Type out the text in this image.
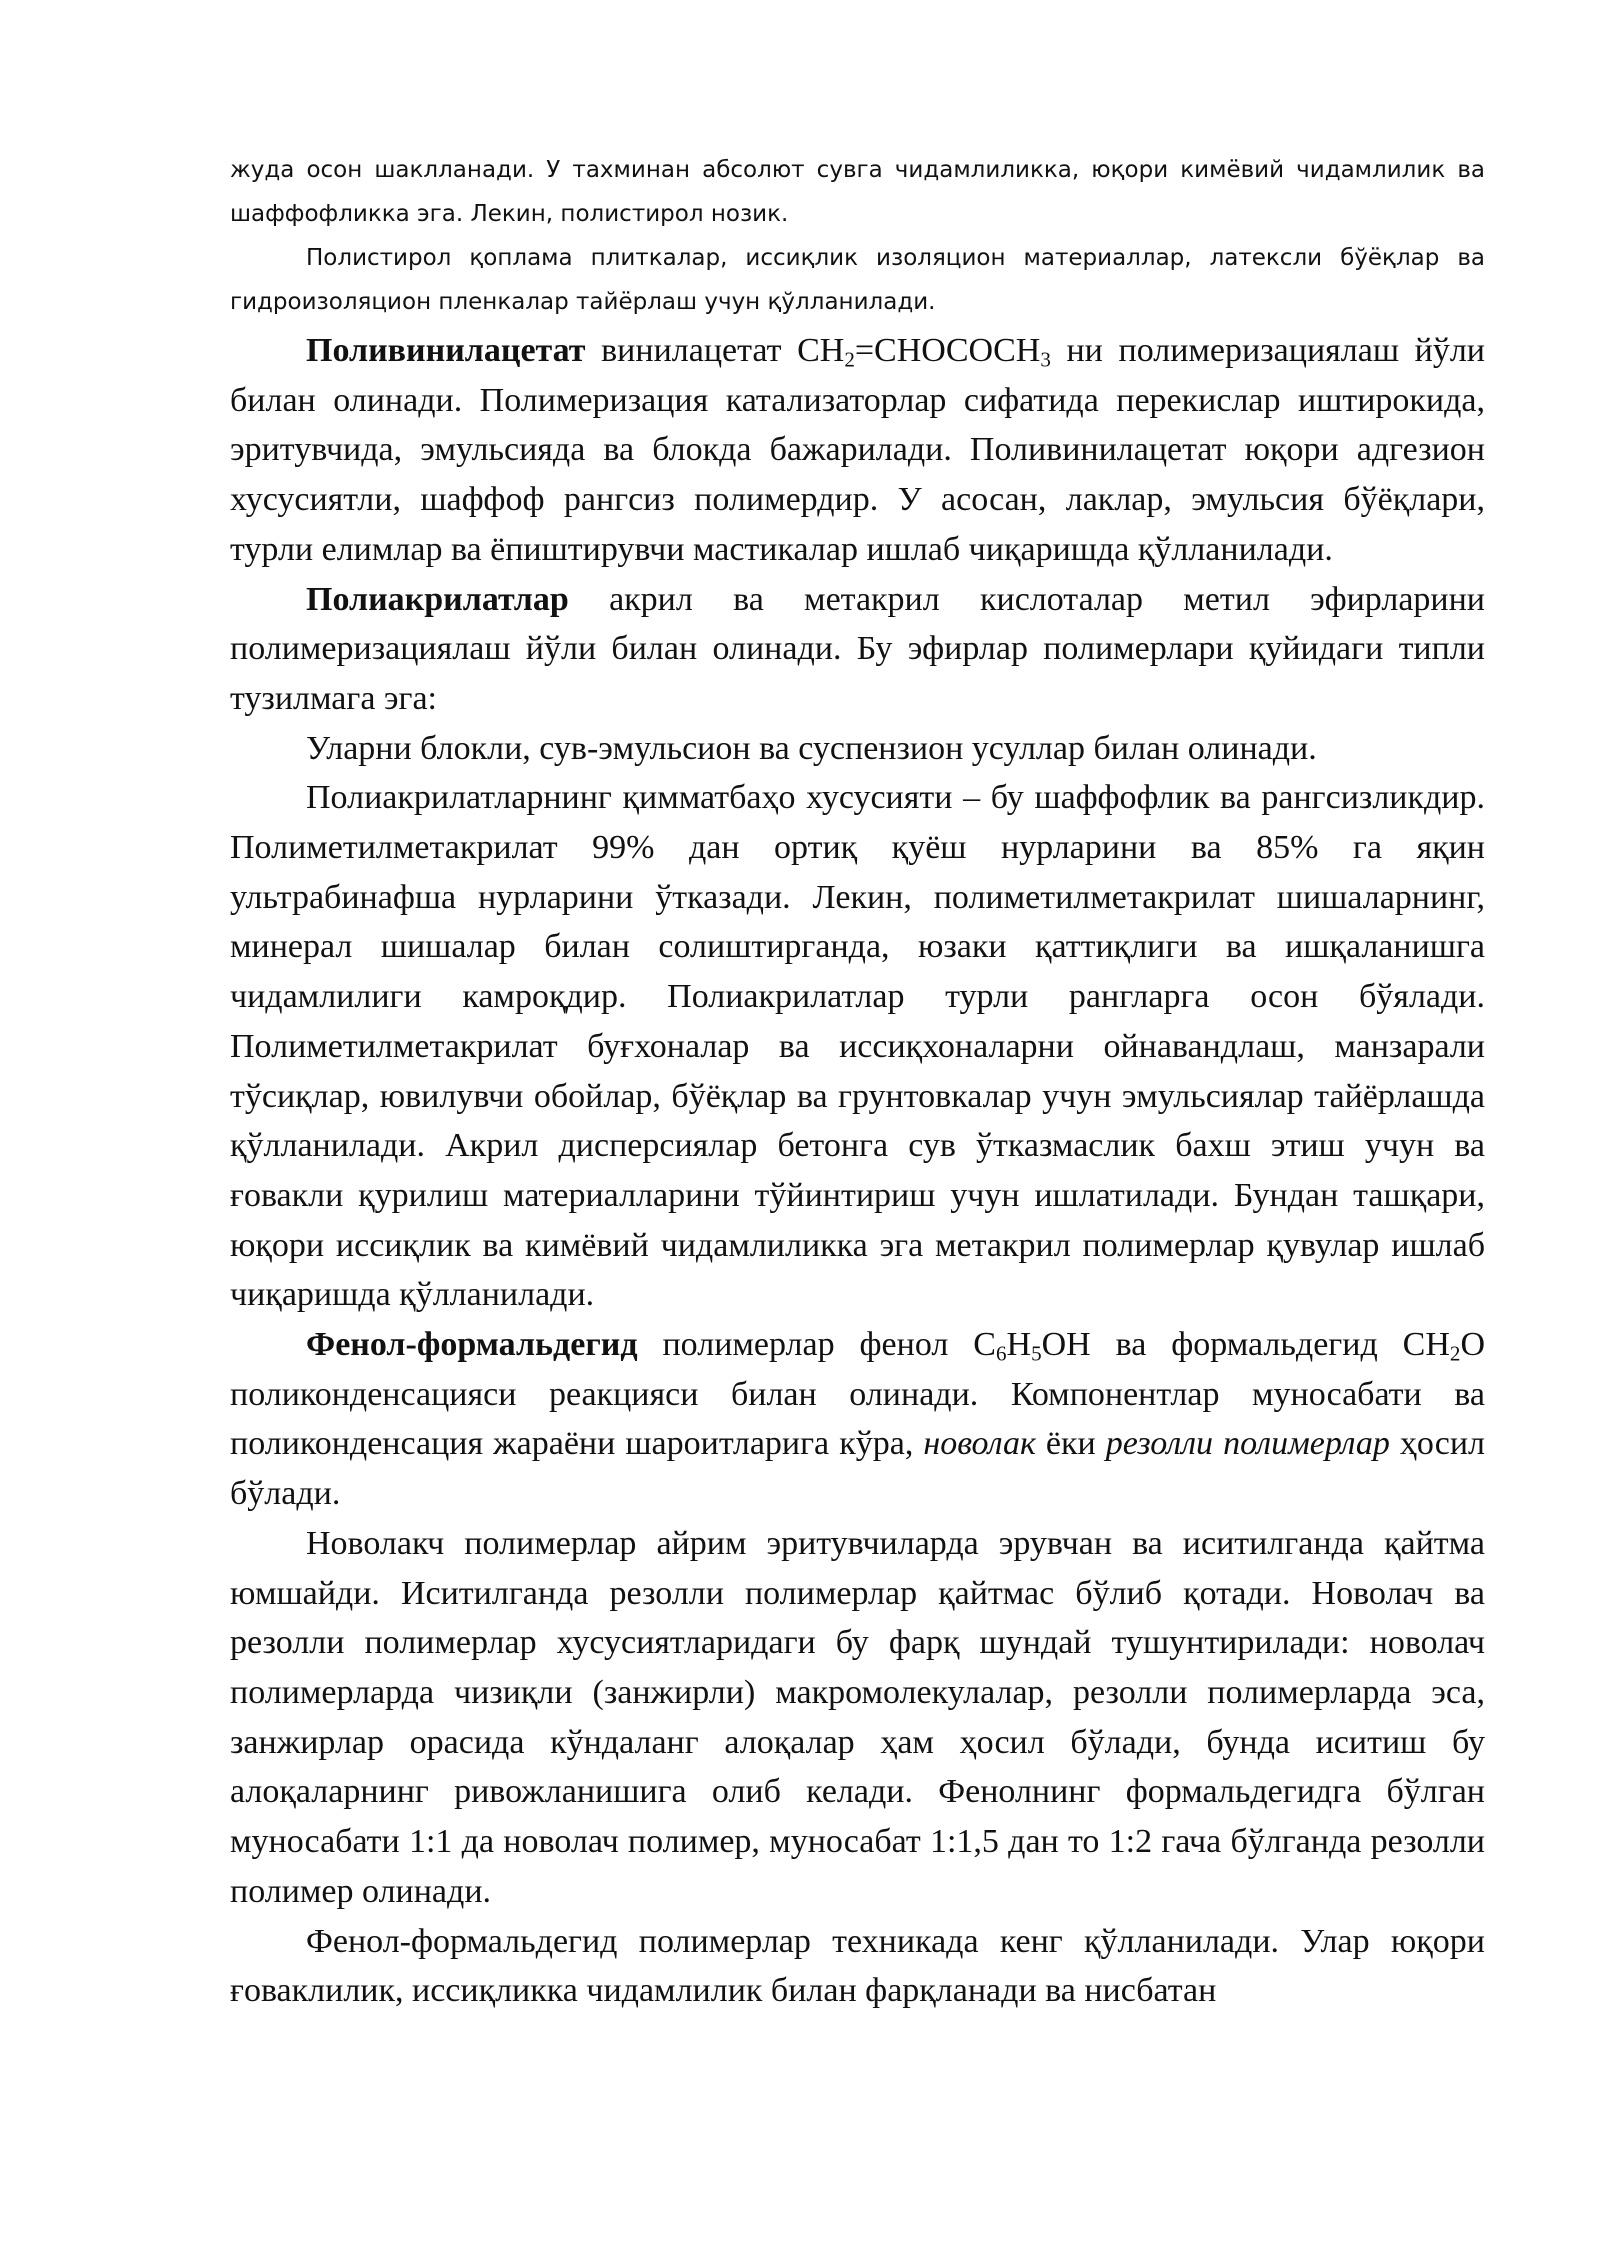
жуда осон шаклланади. У тахминан абсолют сувга чидамлиликка, юқори кимёвий чидамлилик ва шаффофликка эга. Лекин, полистирол нозик.

Полистирол қоплама плиткалар, иссиқлик изоляцион материаллар, латексли бўёқлар ва гидроизоляцион пленкалар тайёрлаш учун қўлланилади.

Поливинилацетат винилацетат $CH_2=CHOCOCH_3$ ни полимеризациялаш йўли билан олинади. Полимеризация катализаторлар сифатида перекислар иштирокида, эритувчида, эмульсияда ва блокда бажарилади. Поливинилацетат юқори адгезион хусусиятли, шаффоф рангсиз полимердир. У асосан, лаклар, эмульсия бўёқлари, турли елимлар ва ёпиштирувчи мастикалар ишлаб чиқаришда қўлланилади.

Полиакрилатлар акрил ва метакрил кислоталар метил эфирларини полимеризациялаш йўли билан олинади. Бу эфирлар полимерлари қуйидаги типли тузилмага эга:

Уларни блокли, сув-эмульсион ва суспензион усуллар билан олинади.

Полиакрилатларнинг қимматбаҳо хусусияти – бу шаффофлик ва рангсизликдир. Полиметилметакрилат 99% дан ортиқ қуёш нурларини ва 85% га яқин ультрабинафша нурларини ўтказади. Лекин, полиметилметакрилат шишаларнинг, минерал шишалар билан солиштирганда, юзаки қаттиқлиги ва ишқаланишга чидамлилиги камроқдир. Полиакрилатлар турли рангларга осон бўялади. Полиметилметакрилат буғхоналар ва иссиқхоналарни ойнавандлаш, манзарали тўсиқлар, ювилувчи обойлар, бўёқлар ва грунтовкалар учун эмульсиялар тайёрлашда қўлланилади. Акрил дисперсиялар бетонга сув ўтказмаслик бахш этиш учун ва ғовакли қурилиш материалларини тўйинтириш учун ишлатилади. Бундан ташқари, юқори иссиқлик ва кимёвий чидамлиликка эга метакрил полимерлар қувулар ишлаб чиқаришда қўлланилади.

Фенол-формальдегид полимерлар фенол $C_6H_5OH$ ва формальдегид $CH_2O$ поликонденсацияси реакцияси билан олинади. Компонентлар муносабати ва поликонденсация жараёни шароитларига кўра, новолак ёки резолли полимерлар ҳосил бўлади.

Новолакч полимерлар айрим эритувчиларда эрувчан ва иситилганда қайтма юмшайди. Иситилганда резолли полимерлар қайтмас бўлиб қотади. Новолач ва резолли полимерлар хусусиятларидаги бу фарқ шундай тушунтирилади: новолач полимерларда чизиқли (занжирли) макромолекулалар, резолли полимерларда эса, занжирлар орасида кўндаланг алоқалар ҳам ҳосил бўлади, бунда иситиш бу алоқаларнинг ривожланишига олиб келади. Фенолнинг формальдегидга бўлган муносабати 1:1 да новолач полимер, муносабат 1:1,5 дан то 1:2 гача бўлганда резолли полимер олинади.

Фенол-формальдегид полимерлар техникада кенг қўлланилади. Улар юқори ғоваклилик, иссиқликка чидамлилик билан фарқланади ва нисбатан
